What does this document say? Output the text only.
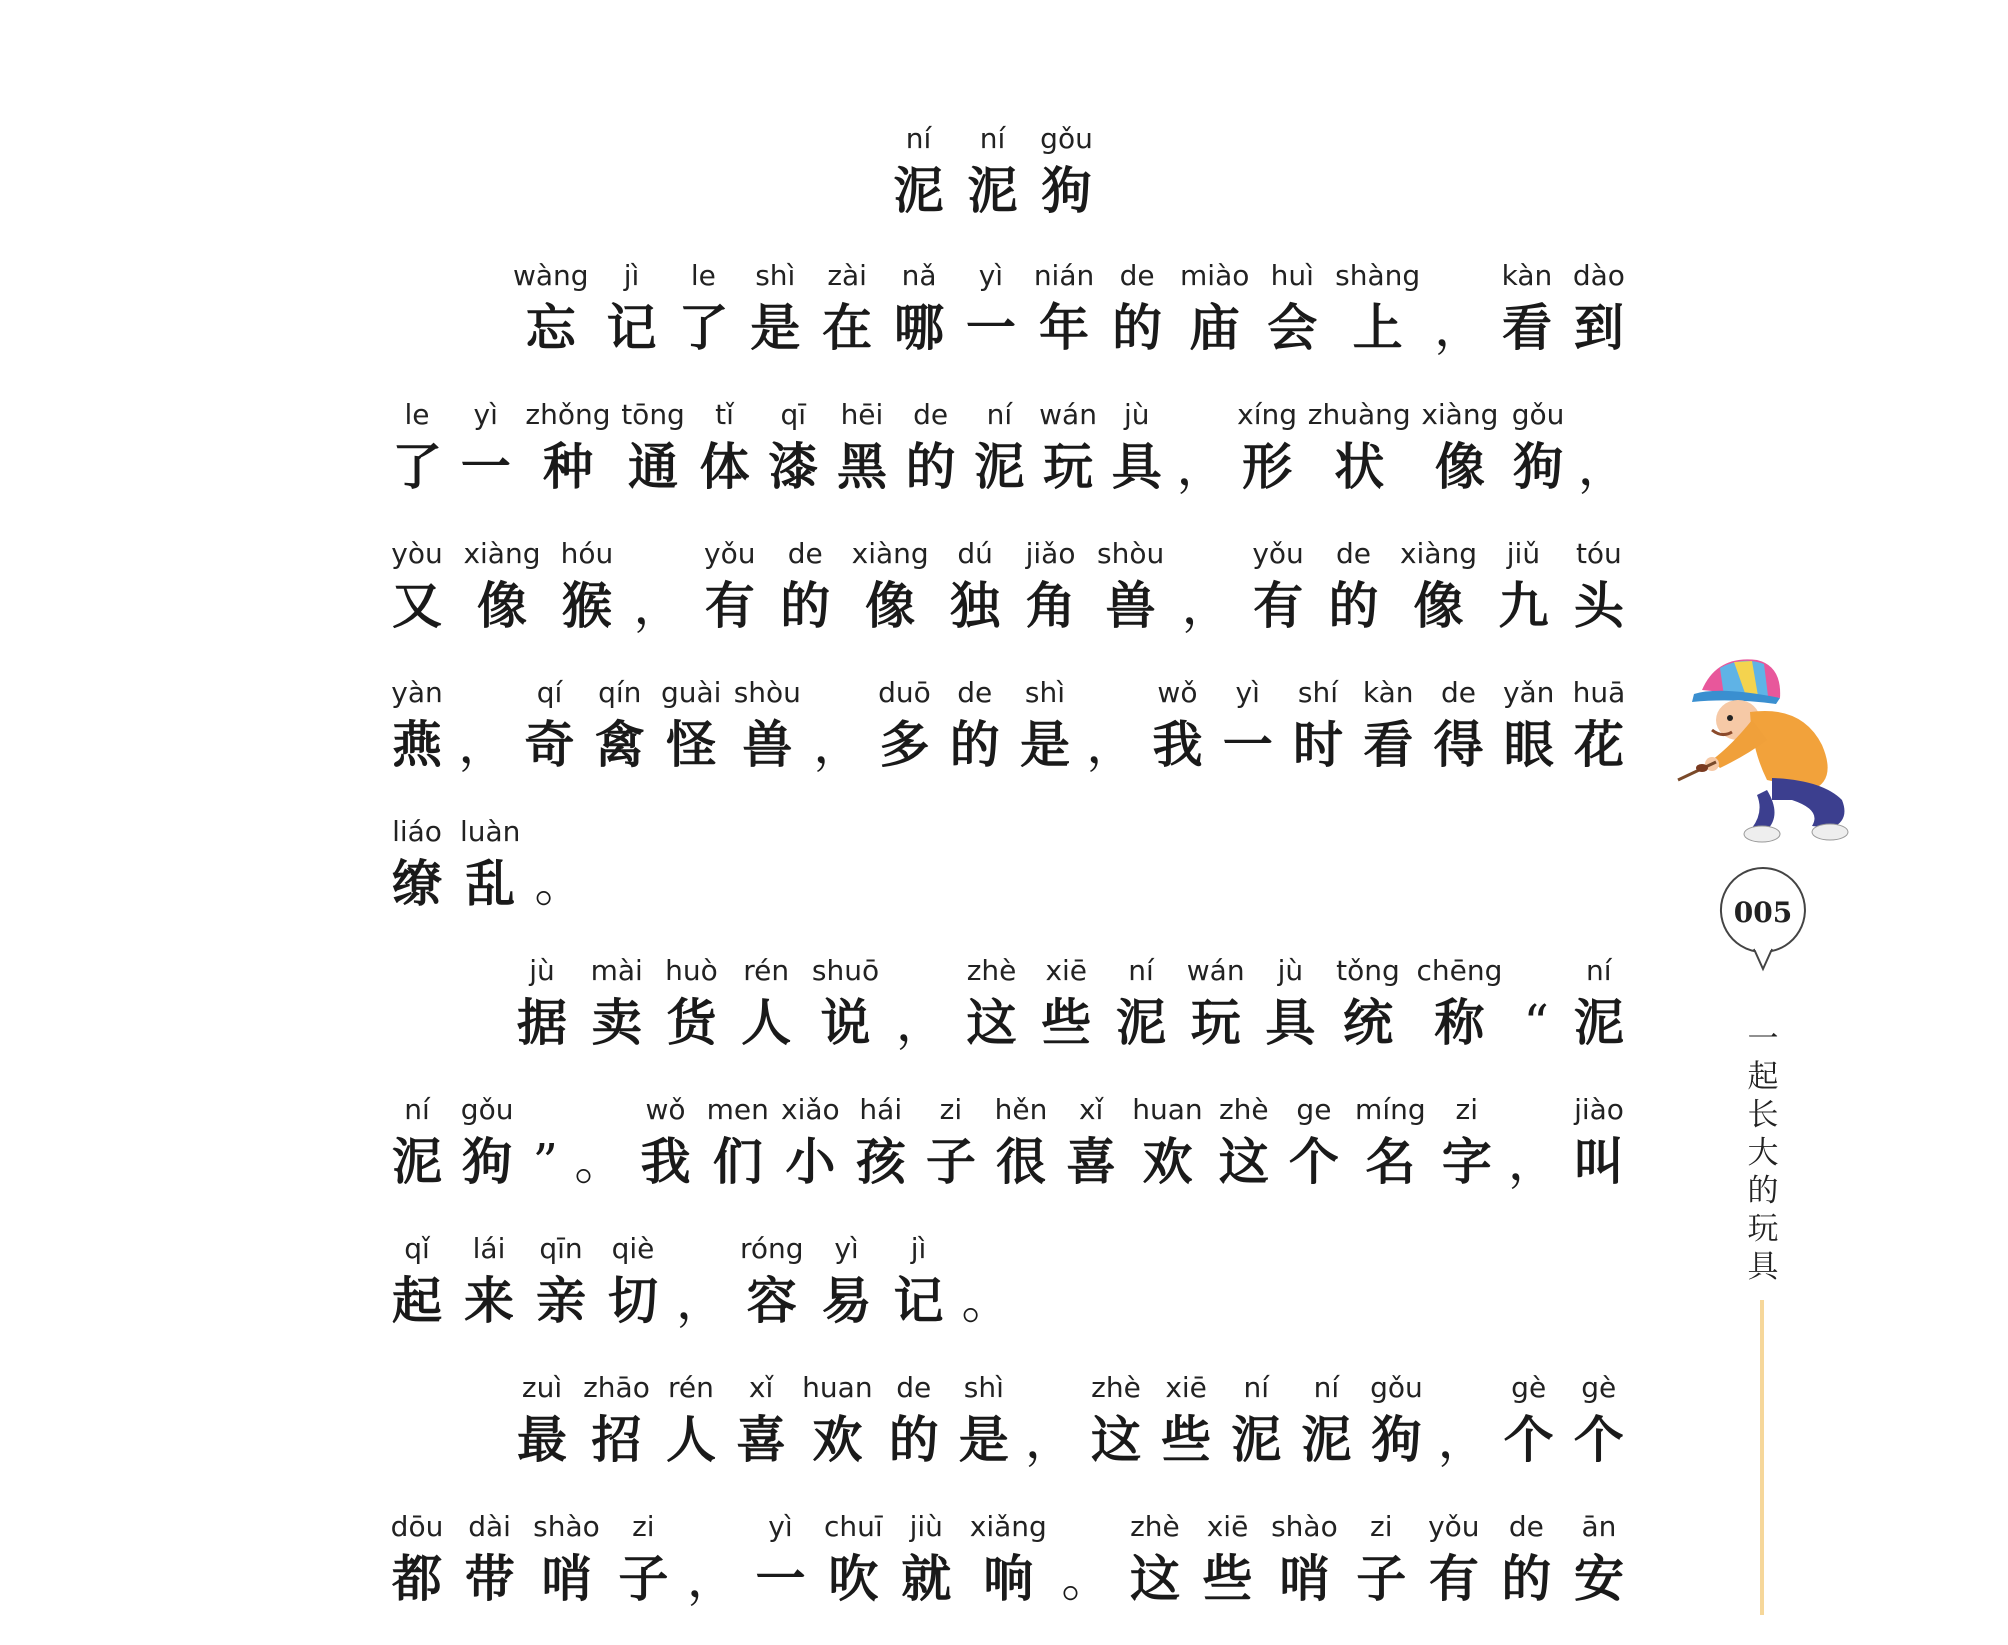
ní
泥
ní
泥
gǒu
狗
wàng
忘
jì
记
le
了
shì
是
zài
在
nǎ
哪
yì
一
nián
年
de
的
miào
庙
huì
会
shàng
上 ，
kàn
看
dào
到
le
了
yì
一
zhǒng
种
tōng
通
tǐ
体
qī
漆
hēi
黑
de
的
ní
泥
wán
玩
jù
具 ，
xíng
形
zhuàng
状
xiàng
像
gǒu
狗 ，
yòu
又
xiàng
像
hóu
猴 ，
yǒu
有
de
的
xiàng
像
dú
独
jiǎo
角
shòu
兽 ，
yǒu
有
de
的
xiàng
像
jiǔ
九
tóu
头
yàn
燕 ，
qí
奇
qín
禽
guài
怪
shòu
兽 ，
duō
多
de
的
shì
是 ，
wǒ
我
yì
一
shí
时
kàn
看
de
得
yǎn
眼
huā
花
liáo
缭
luàn
乱 。
jù
据
mài
卖
huò
货
rén
人
shuō
说 ，
zhè
这
xiē
些
ní
泥
wán
玩
jù
具
tǒng
统
chēng
称 “
ní
泥
ní
泥
gǒu
狗 ” 。
wǒ
我
men
们
xiǎo
小
hái
孩
zi
子
hěn
很
xǐ
喜
huan
欢
zhè
这
ge
个
míng
名
zi
字 ，
jiào
叫
qǐ
起
lái
来
qīn
亲
qiè
切 ，
róng
容
yì
易
jì
记 。
zuì
最
zhāo
招
rén
人
xǐ
喜
huan
欢
de
的
shì
是 ，
zhè
这
xiē
些
ní
泥
ní
泥
gǒu
狗 ，
gè
个
gè
个
dōu
都
dài
带
shào
哨
zi
子 ，
yì
一
chuī
吹
jiù
就
xiǎng
响 。
zhè
这
xiē
些
shào
哨
zi
子
yǒu
有
de
的
ān
安
005
一
起
长
大
的
玩
具
